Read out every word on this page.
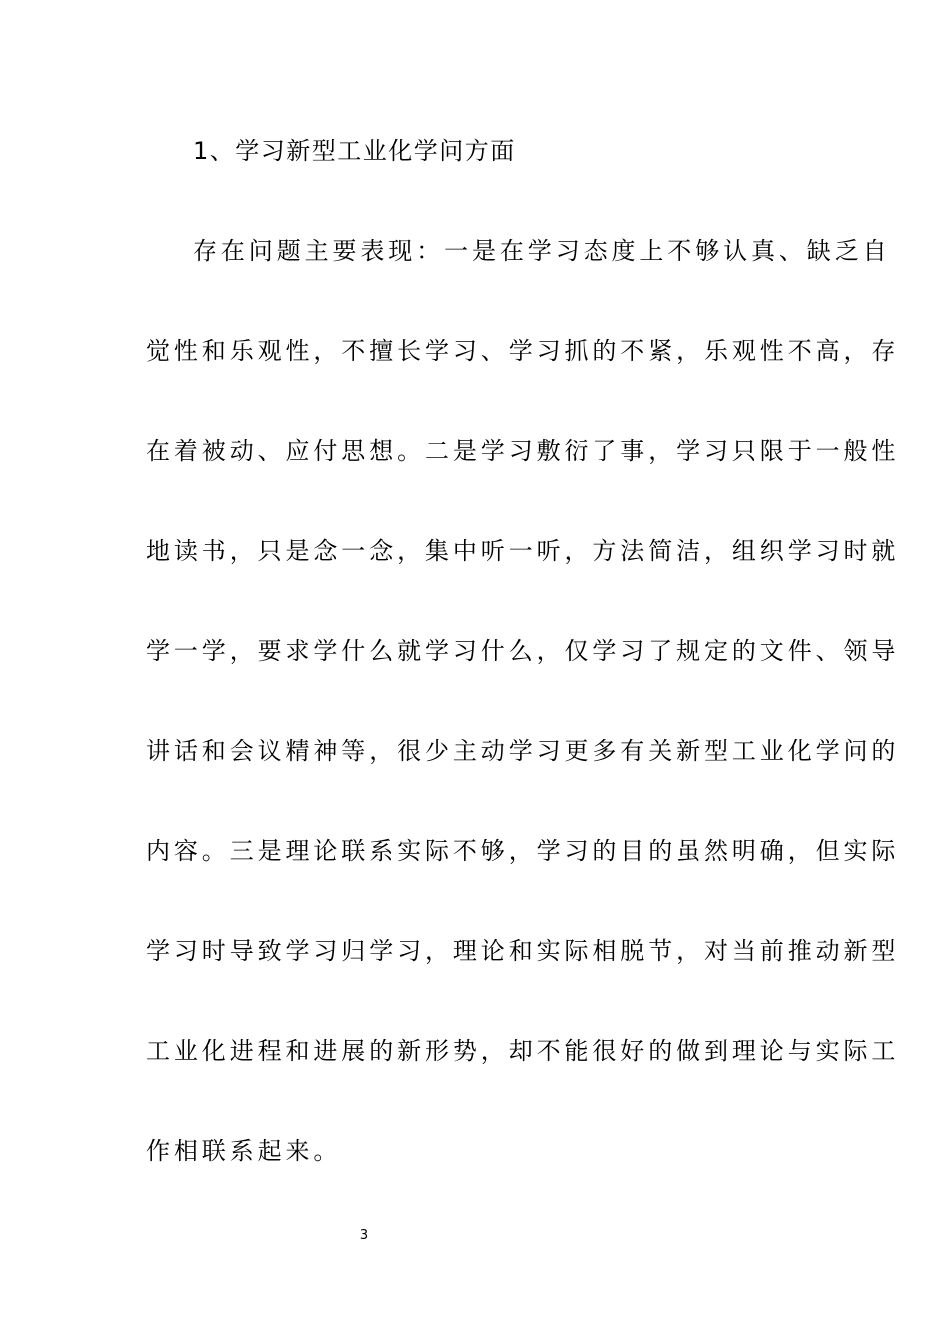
1、学习新型工业化学问方面
存在问题主要表现：一是在学习态度上不够认真、缺乏自
觉性和乐观性，不擅长学习、学习抓的不紧，乐观性不高，存
在着被动、应付思想。二是学习敷衍了事，学习只限于一般性
地读书，只是念一念，集中听一听，方法简洁，组织学习时就
学一学，要求学什么就学习什么，仅学习了规定的文件、领导
讲话和会议精神等，很少主动学习更多有关新型工业化学问的
内容。三是理论联系实际不够，学习的目的虽然明确，但实际
学习时导致学习归学习，理论和实际相脱节，对当前推动新型
工业化进程和进展的新形势，却不能很好的做到理论与实际工
作相联系起来。
3
